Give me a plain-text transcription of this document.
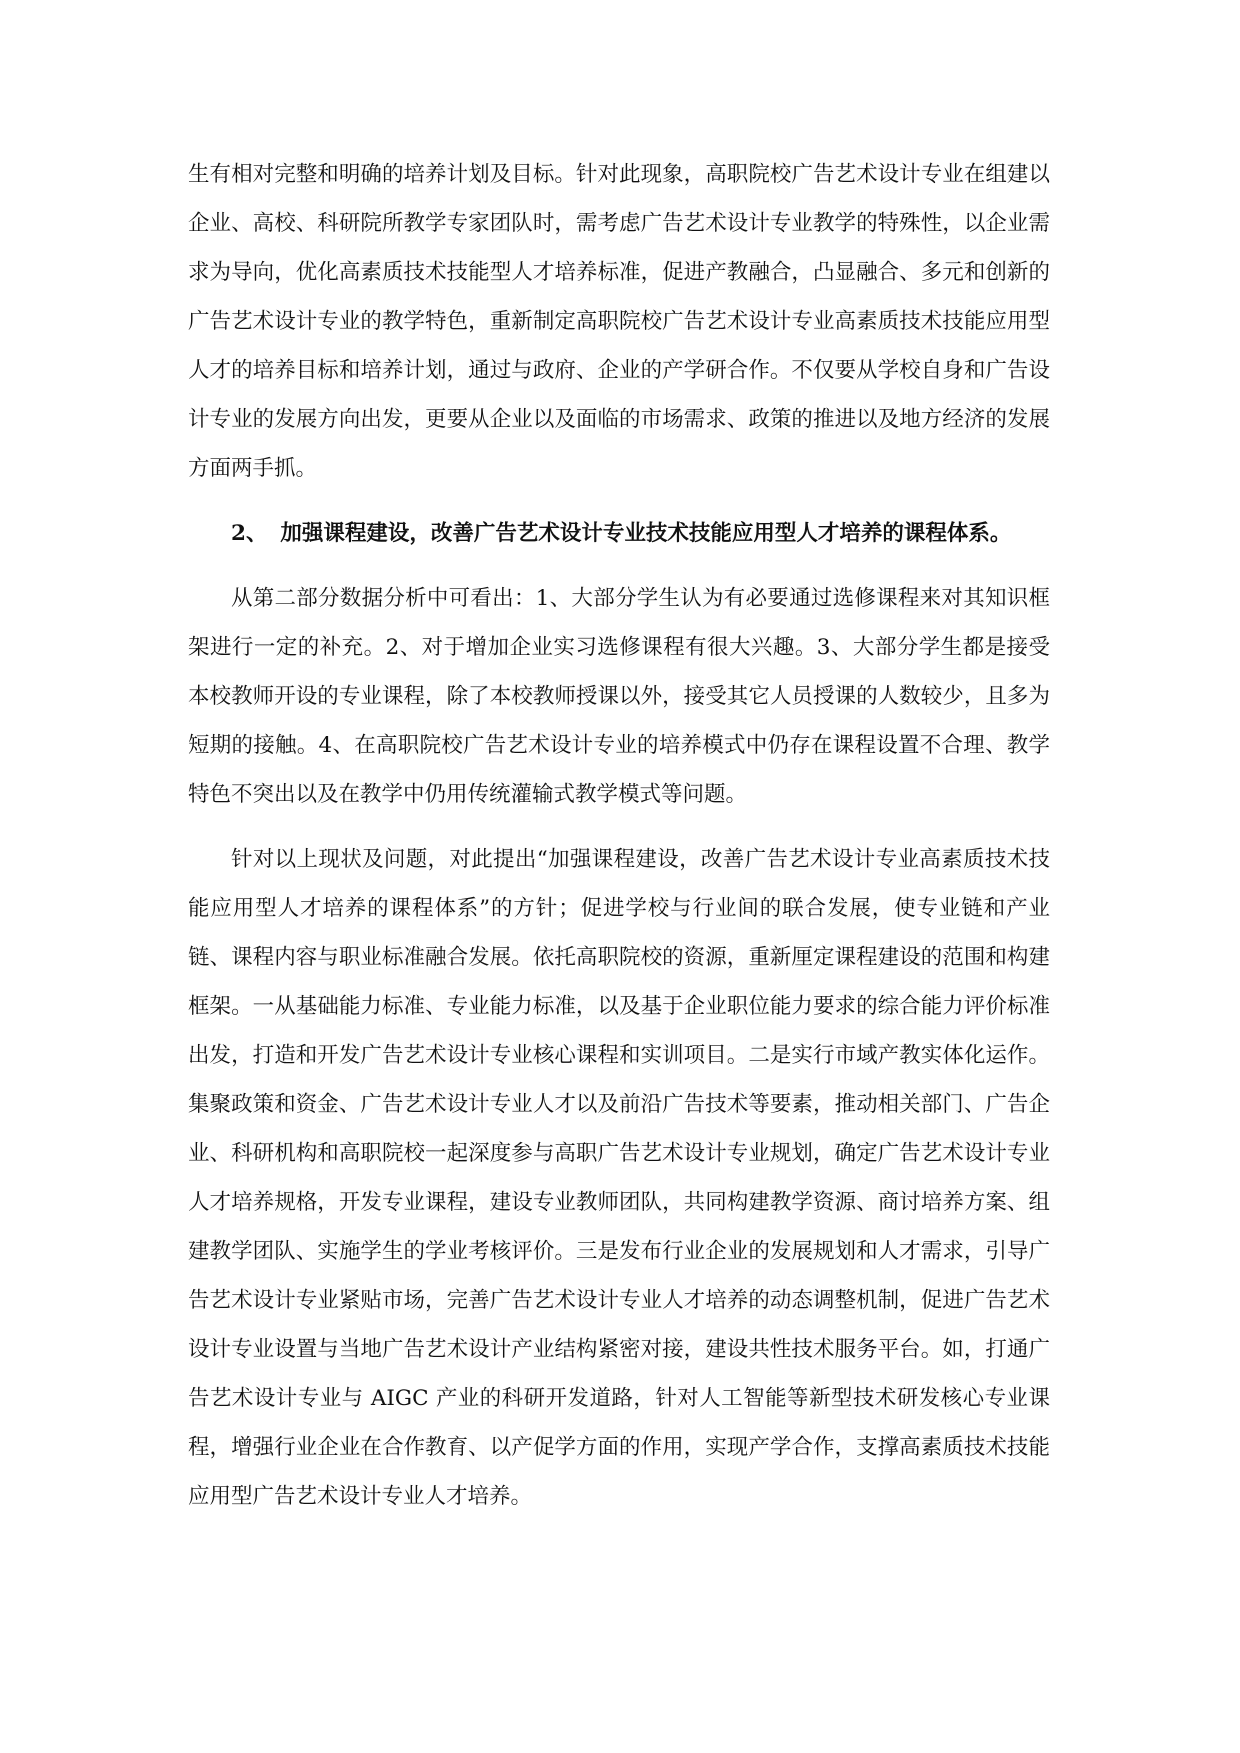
生有相对完整和明确的培养计划及目标。针对此现象，高职院校广告艺术设计专业在组建以企业、高校、科研院所教学专家团队时，需考虑广告艺术设计专业教学的特殊性，以企业需求为导向，优化高素质技术技能型人才培养标准，促进产教融合，凸显融合、多元和创新的广告艺术设计专业的教学特色，重新制定高职院校广告艺术设计专业高素质技术技能应用型人才的培养目标和培养计划，通过与政府、企业的产学研合作。不仅要从学校自身和广告设计专业的发展方向出发，更要从企业以及面临的市场需求、政策的推进以及地方经济的发展方面两手抓。

2、 加强课程建设，改善广告艺术设计专业技术技能应用型人才培养的课程体系。

从第二部分数据分析中可看出：1、大部分学生认为有必要通过选修课程来对其知识框架进行一定的补充。2、对于增加企业实习选修课程有很大兴趣。3、大部分学生都是接受本校教师开设的专业课程，除了本校教师授课以外，接受其它人员授课的人数较少，且多为短期的接触。4、在高职院校广告艺术设计专业的培养模式中仍存在课程设置不合理、教学特色不突出以及在教学中仍用传统灌输式教学模式等问题。

针对以上现状及问题，对此提出“加强课程建设，改善广告艺术设计专业高素质技术技能应用型人才培养的课程体系”的方针；促进学校与行业间的联合发展，使专业链和产业链、课程内容与职业标准融合发展。依托高职院校的资源，重新厘定课程建设的范围和构建框架。一从基础能力标准、专业能力标准，以及基于企业职位能力要求的综合能力评价标准出发，打造和开发广告艺术设计专业核心课程和实训项目。二是实行市域产教实体化运作。集聚政策和资金、广告艺术设计专业人才以及前沿广告技术等要素，推动相关部门、广告企业、科研机构和高职院校一起深度参与高职广告艺术设计专业规划，确定广告艺术设计专业人才培养规格，开发专业课程，建设专业教师团队，共同构建教学资源、商讨培养方案、组建教学团队、实施学生的学业考核评价。三是发布行业企业的发展规划和人才需求，引导广告艺术设计专业紧贴市场，完善广告艺术设计专业人才培养的动态调整机制，促进广告艺术设计专业设置与当地广告艺术设计产业结构紧密对接，建设共性技术服务平台。如，打通广告艺术设计专业与 AIGC 产业的科研开发道路，针对人工智能等新型技术研发核心专业课程，增强行业企业在合作教育、以产促学方面的作用，实现产学合作，支撑高素质技术技能应用型广告艺术设计专业人才培养。
